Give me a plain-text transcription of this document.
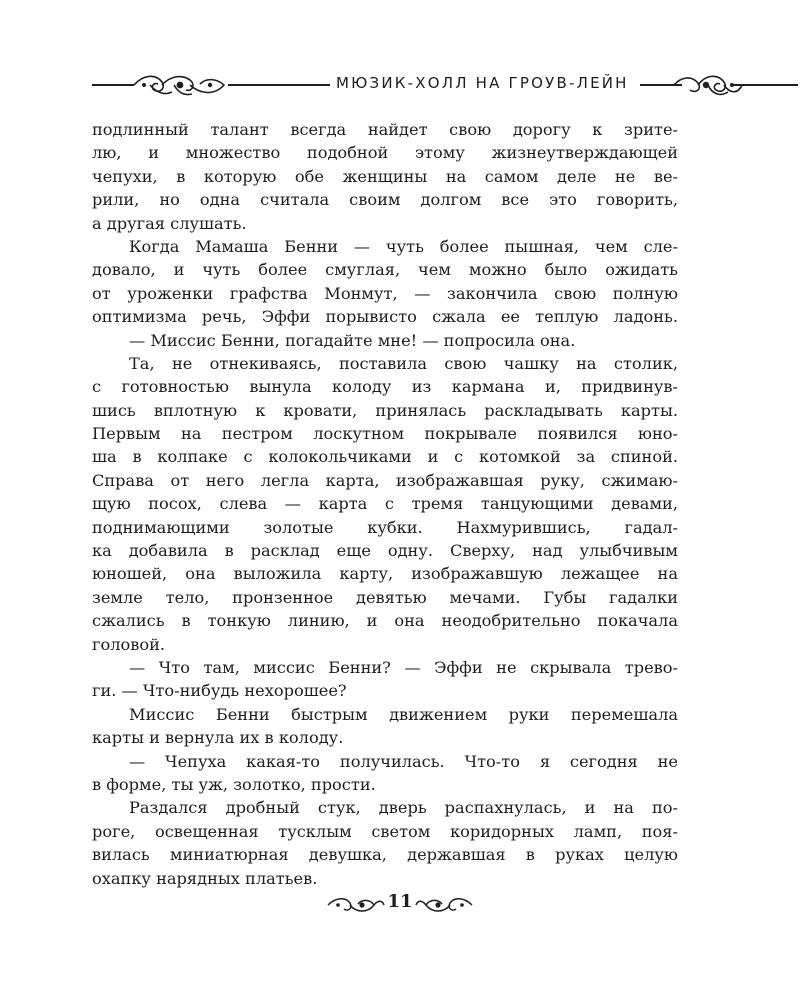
МЮЗИК-ХОЛЛ НА ГРОУВ-ЛЕЙН
подлинный талант всегда найдет свою дорогу к зрите-
лю, и множество подобной этому жизнеутверждающей
чепухи, в которую обе женщины на самом деле не ве-
рили, но одна считала своим долгом все это говорить,
а другая слушать.
Когда Мамаша Бенни — чуть более пышная, чем сле-
довало, и чуть более смуглая, чем можно было ожидать
от уроженки графства Монмут, — закончила свою полную
оптимизма речь, Эффи порывисто сжала ее теплую ладонь.
— Миссис Бенни, погадайте мне! — попросила она.
Та, не отнекиваясь, поставила свою чашку на столик,
с готовностью вынула колоду из кармана и, придвинув-
шись вплотную к кровати, принялась раскладывать карты.
Первым на пестром лоскутном покрывале появился юно-
ша в колпаке с колокольчиками и с котомкой за спиной.
Справа от него легла карта, изображавшая руку, сжимаю-
щую посох, слева — карта с тремя танцующими девами,
поднимающими золотые кубки. Нахмурившись, гадал-
ка добавила в расклад еще одну. Сверху, над улыбчивым
юношей, она выложила карту, изображавшую лежащее на
земле тело, пронзенное девятью мечами. Губы гадалки
сжались в тонкую линию, и она неодобрительно покачала
головой.
— Что там, миссис Бенни? — Эффи не скрывала трево-
ги. — Что-нибудь нехорошее?
Миссис Бенни быстрым движением руки перемешала
карты и вернула их в колоду.
— Чепуха какая-то получилась. Что-то я сегодня не
в форме, ты уж, золотко, прости.
Раздался дробный стук, дверь распахнулась, и на по-
роге, освещенная тусклым светом коридорных ламп, поя-
вилась миниатюрная девушка, державшая в руках целую
охапку нарядных платьев.
11
